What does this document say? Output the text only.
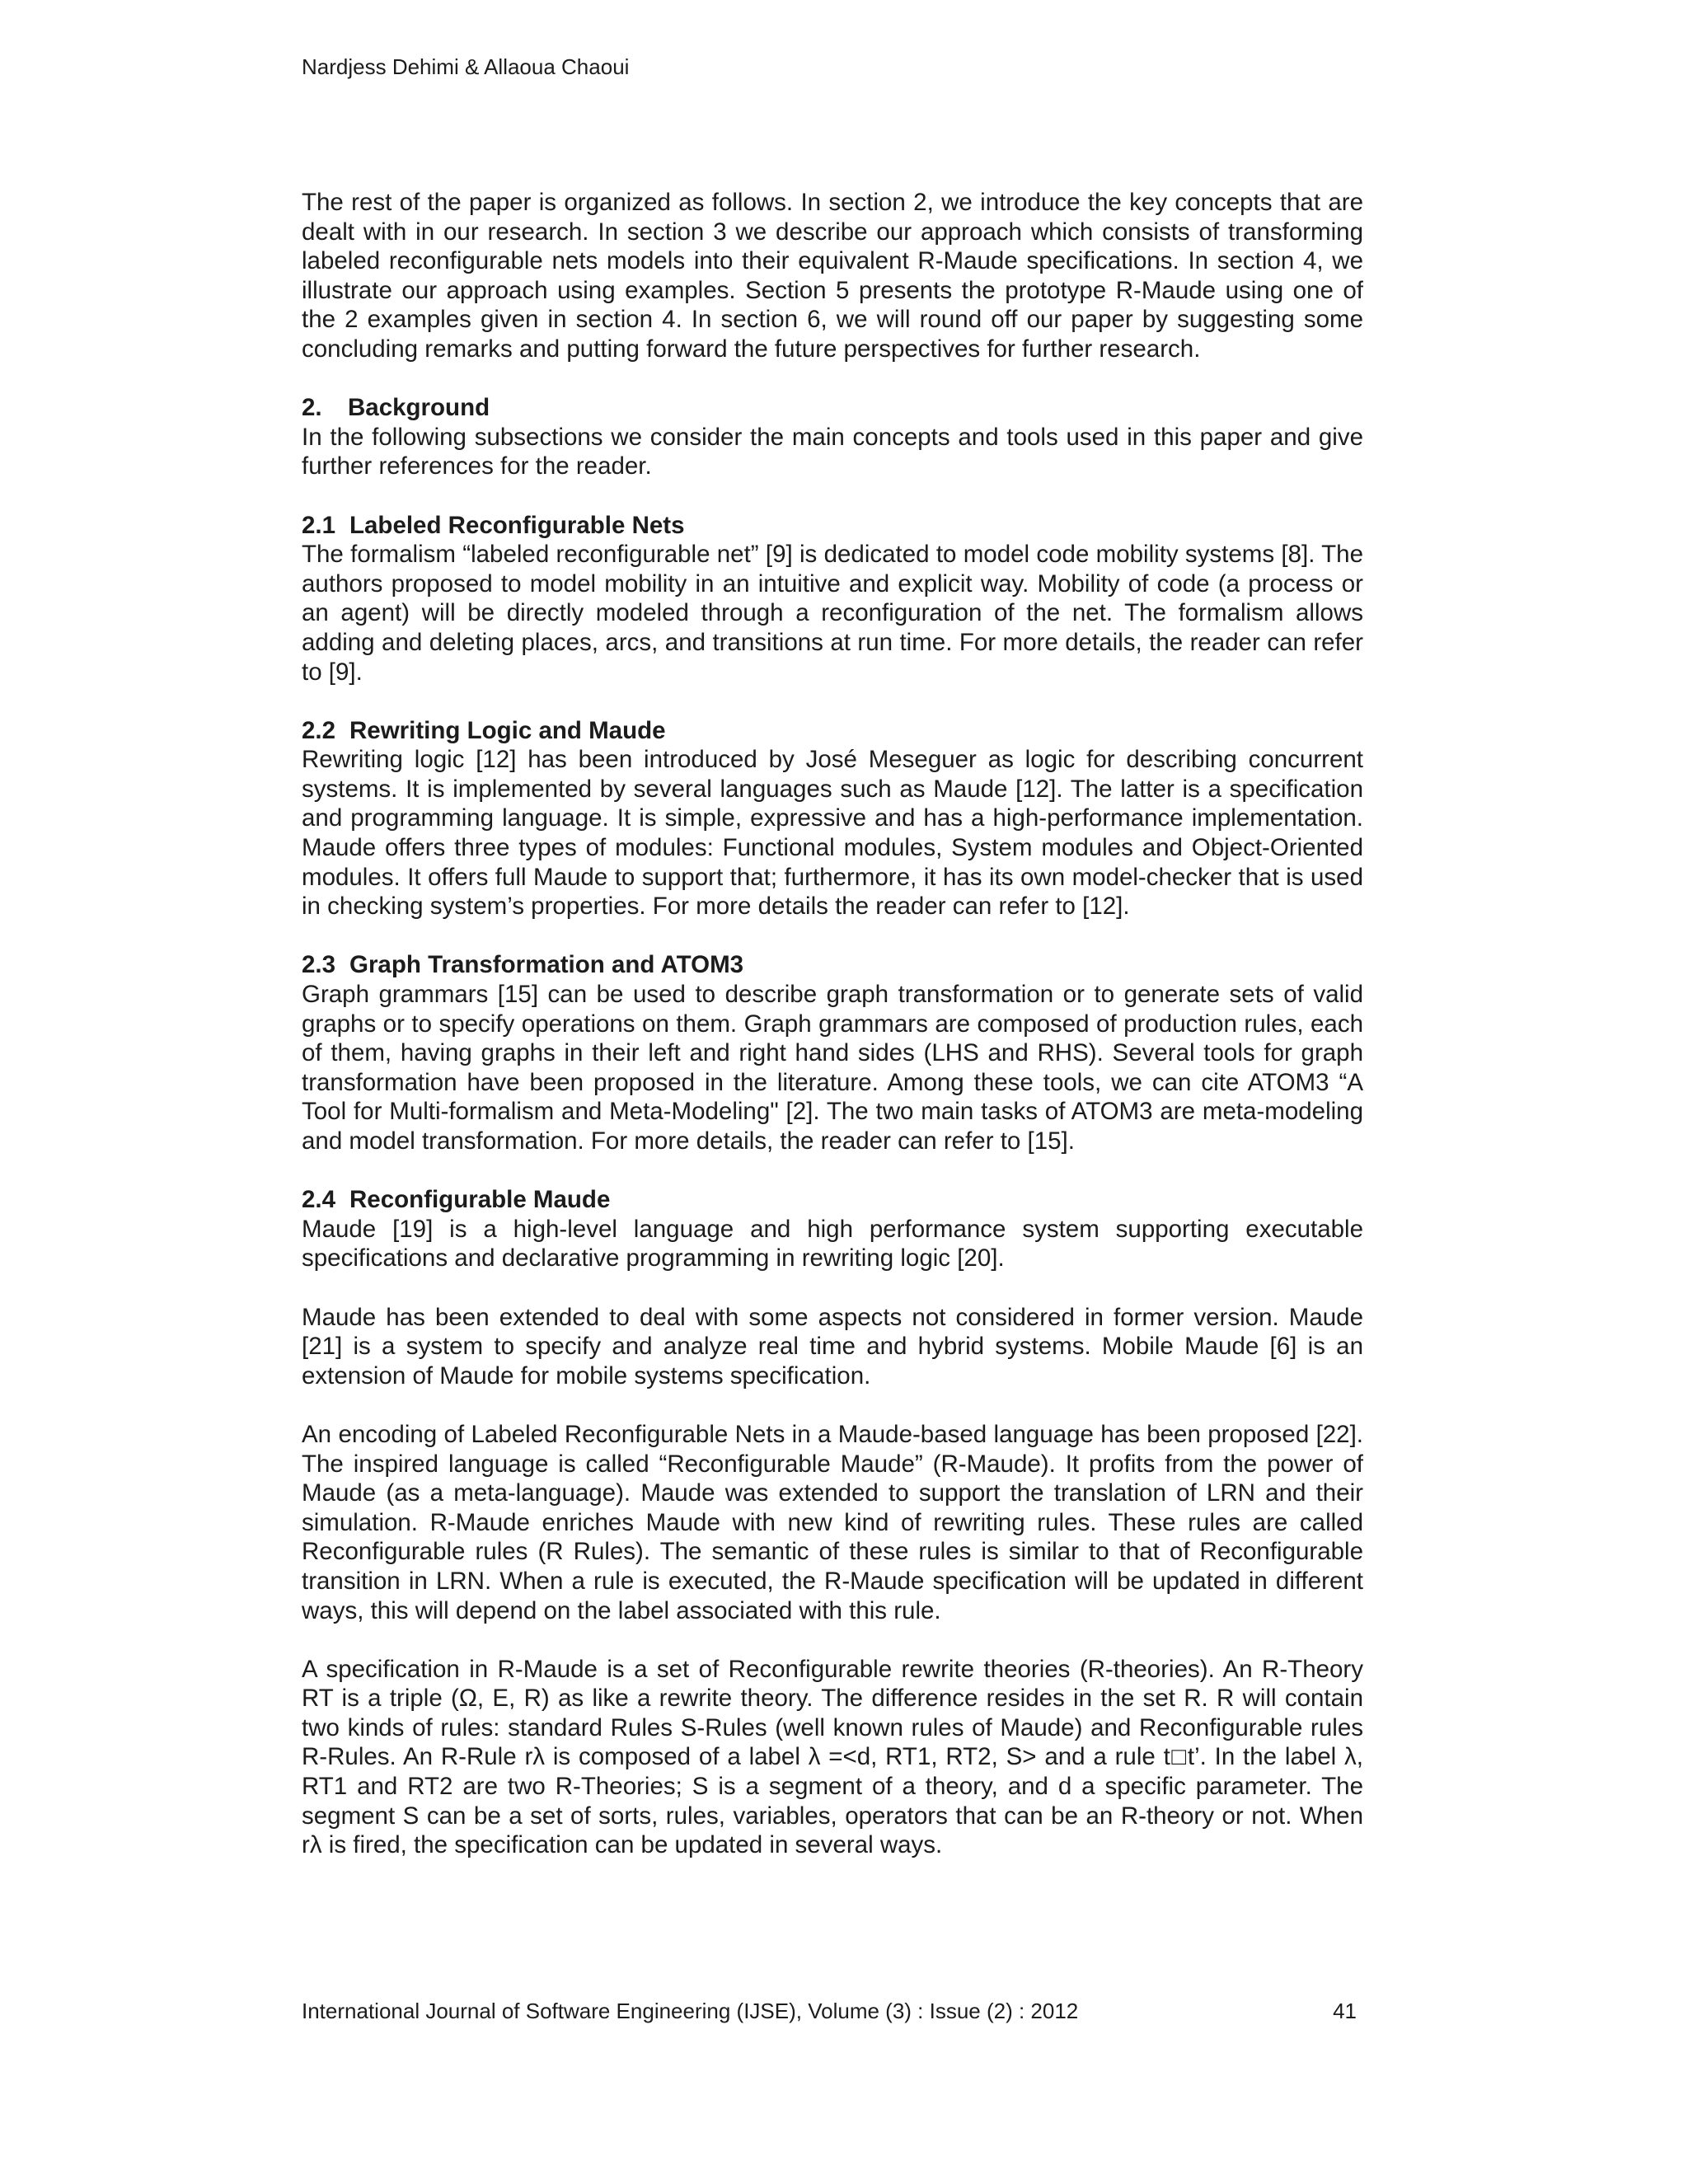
Nardjess Dehimi & Allaoua Chaoui

The rest of the paper is organized as follows. In section 2, we introduce the key concepts that are dealt with in our research. In section 3 we describe our approach which consists of transforming labeled reconfigurable nets models into their equivalent R-Maude specifications. In section 4, we illustrate our approach using examples. Section 5 presents the prototype R-Maude using one of the 2 examples given in section 4. In section 6, we will round off our paper by suggesting some concluding remarks and putting forward the future perspectives for further research.

2. Background

In the following subsections we consider the main concepts and tools used in this paper and give further references for the reader.

2.1 Labeled Reconfigurable Nets

The formalism “labeled reconfigurable net” [9] is dedicated to model code mobility systems [8]. The authors proposed to model mobility in an intuitive and explicit way. Mobility of code (a process or an agent) will be directly modeled through a reconfiguration of the net. The formalism allows adding and deleting places, arcs, and transitions at run time. For more details, the reader can refer to [9].

2.2 Rewriting Logic and Maude

Rewriting logic [12] has been introduced by José Meseguer as logic for describing concurrent systems. It is implemented by several languages such as Maude [12]. The latter is a specification and programming language. It is simple, expressive and has a high-performance implementation. Maude offers three types of modules: Functional modules, System modules and Object-Oriented modules. It offers full Maude to support that; furthermore, it has its own model-checker that is used in checking system’s properties. For more details the reader can refer to [12].

2.3 Graph Transformation and ATOM3

Graph grammars [15] can be used to describe graph transformation or to generate sets of valid graphs or to specify operations on them. Graph grammars are composed of production rules, each of them, having graphs in their left and right hand sides (LHS and RHS). Several tools for graph transformation have been proposed in the literature. Among these tools, we can cite ATOM3 “A Tool for Multi-formalism and Meta-Modeling" [2]. The two main tasks of ATOM3 are meta-modeling and model transformation. For more details, the reader can refer to [15].

2.4 Reconfigurable Maude

Maude [19] is a high-level language and high performance system supporting executable specifications and declarative programming in rewriting logic [20].

Maude has been extended to deal with some aspects not considered in former version. Maude [21] is a system to specify and analyze real time and hybrid systems. Mobile Maude [6] is an extension of Maude for mobile systems specification.

An encoding of Labeled Reconfigurable Nets in a Maude-based language has been proposed [22]. The inspired language is called “Reconfigurable Maude” (R-Maude). It profits from the power of Maude (as a meta-language). Maude was extended to support the translation of LRN and their simulation. R-Maude enriches Maude with new kind of rewriting rules. These rules are called Reconfigurable rules (R Rules). The semantic of these rules is similar to that of Reconfigurable transition in LRN. When a rule is executed, the R-Maude specification will be updated in different ways, this will depend on the label associated with this rule.

A specification in R-Maude is a set of Reconfigurable rewrite theories (R-theories). An R-Theory RT is a triple (Ω, E, R) as like a rewrite theory. The difference resides in the set R. R will contain two kinds of rules: standard Rules S-Rules (well known rules of Maude) and Reconfigurable rules R-Rules. An R-Rule rλ is composed of a label λ =<d, RT1, RT2, S> and a rule t□t’. In the label λ, RT1 and RT2 are two R-Theories; S is a segment of a theory, and d a specific parameter. The segment S can be a set of sorts, rules, variables, operators that can be an R-theory or not. When rλ is fired, the specification can be updated in several ways.

International Journal of Software Engineering (IJSE), Volume (3) : Issue (2) : 2012	41
